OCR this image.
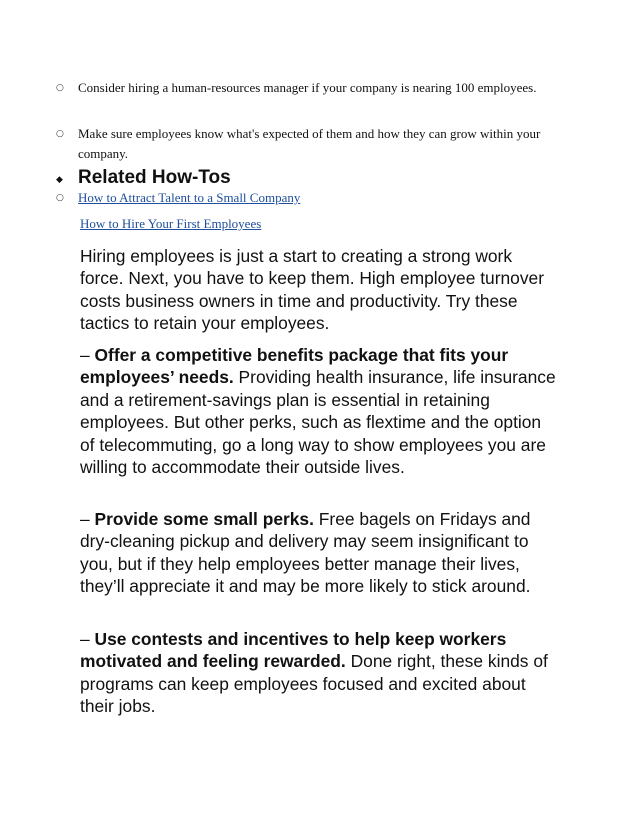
○	Consider hiring a human-resources manager if your company is nearing 100 employees.
○	Make sure employees know what's expected of them and how they can grow within your company.
◆ Related How-Tos
○	How to Attract Talent to a Small Company
How to Hire Your First Employees

Hiring employees is just a start to creating a strong work force. Next, you have to keep them. High employee turnover costs business owners in time and productivity. Try these tactics to retain your employees.

– Offer a competitive benefits package that fits your employees’ needs. Providing health insurance, life insurance and a retirement-savings plan is essential in retaining employees. But other perks, such as flextime and the option of telecommuting, go a long way to show employees you are willing to accommodate their outside lives.

– Provide some small perks. Free bagels on Fridays and dry-cleaning pickup and delivery may seem insignificant to you, but if they help employees better manage their lives, they’ll appreciate it and may be more likely to stick around.

– Use contests and incentives to help keep workers motivated and feeling rewarded. Done right, these kinds of programs can keep employees focused and excited about their jobs.
